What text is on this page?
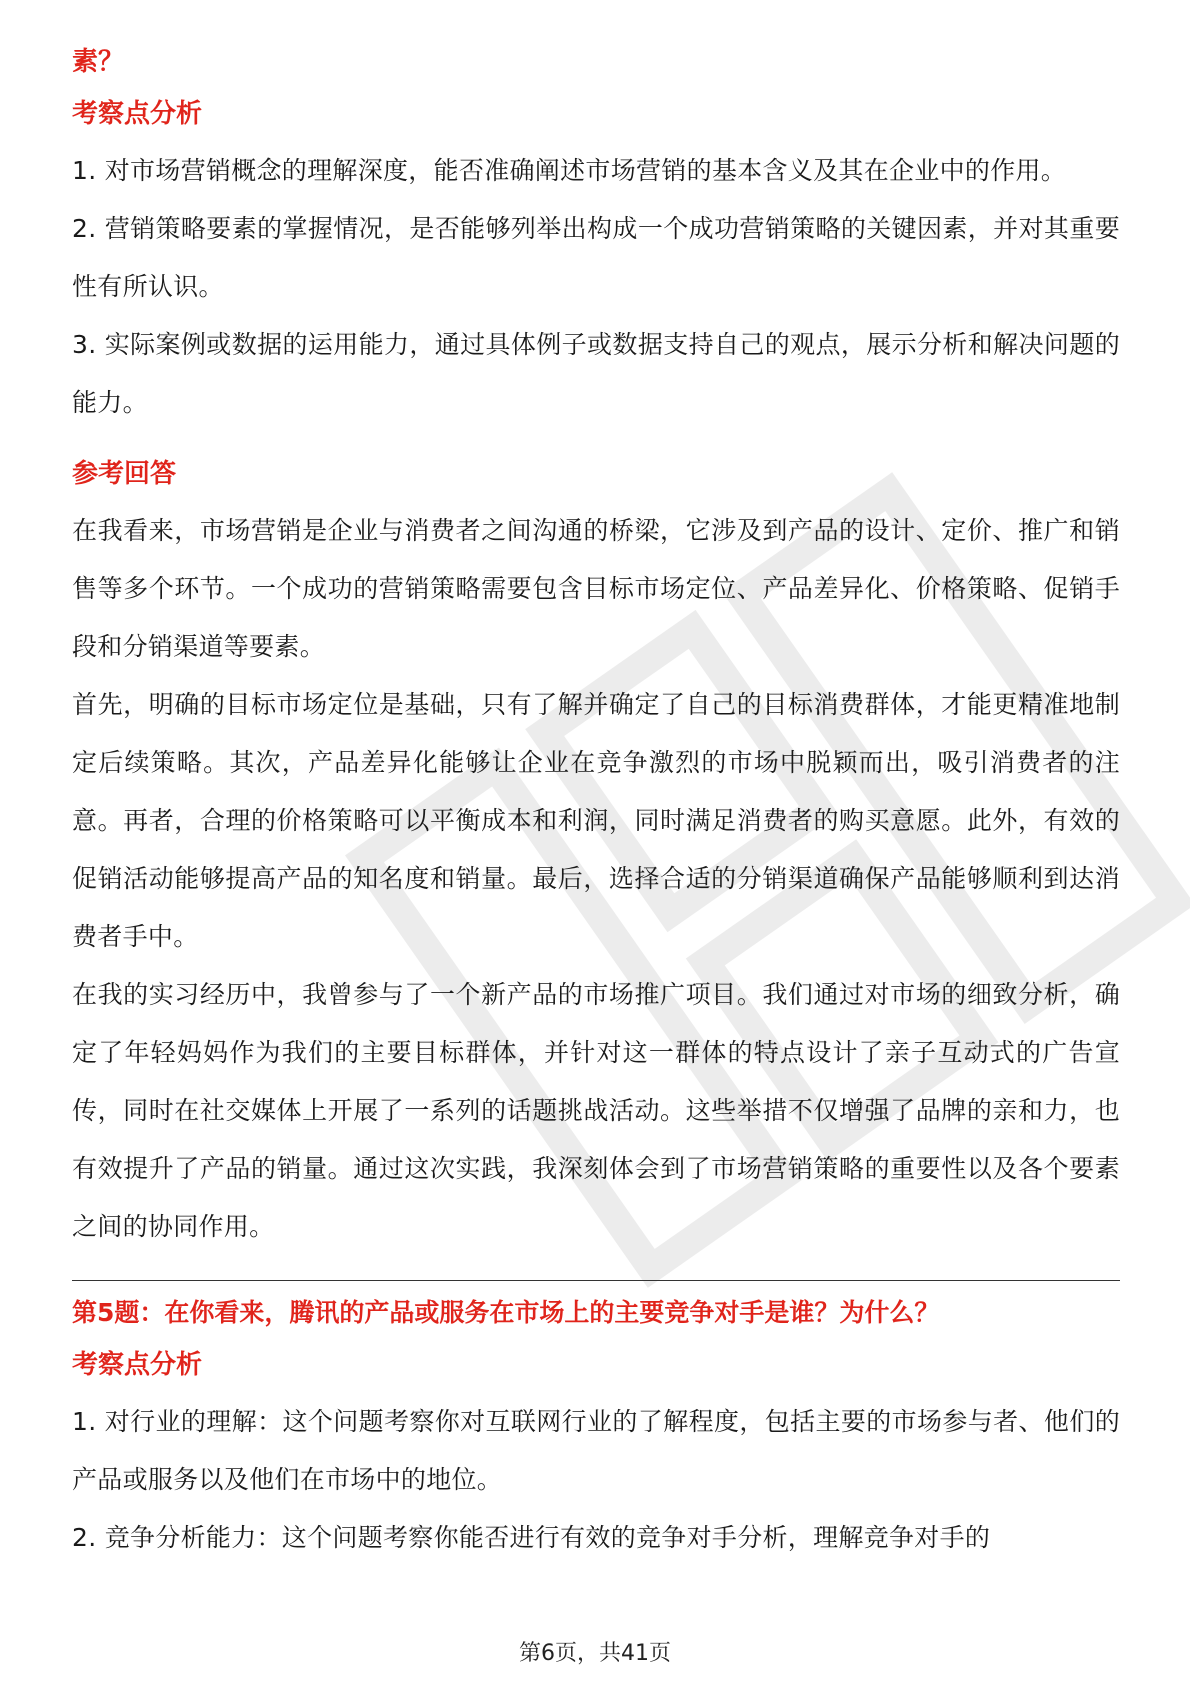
素？

考察点分析

1. 对市场营销概念的理解深度，能否准确阐述市场营销的基本含义及其在企业中的作用。

2. 营销策略要素的掌握情况，是否能够列举出构成一个成功营销策略的关键因素，并对其重要性有所认识。

3. 实际案例或数据的运用能力，通过具体例子或数据支持自己的观点，展示分析和解决问题的能力。

参考回答

在我看来，市场营销是企业与消费者之间沟通的桥梁，它涉及到产品的设计、定价、推广和销售等多个环节。一个成功的营销策略需要包含目标市场定位、产品差异化、价格策略、促销手段和分销渠道等要素。

首先，明确的目标市场定位是基础，只有了解并确定了自己的目标消费群体，才能更精准地制定后续策略。其次，产品差异化能够让企业在竞争激烈的市场中脱颖而出，吸引消费者的注意。再者，合理的价格策略可以平衡成本和利润，同时满足消费者的购买意愿。此外，有效的促销活动能够提高产品的知名度和销量。最后，选择合适的分销渠道确保产品能够顺利到达消费者手中。

在我的实习经历中，我曾参与了一个新产品的市场推广项目。我们通过对市场的细致分析，确定了年轻妈妈作为我们的主要目标群体，并针对这一群体的特点设计了亲子互动式的广告宣传，同时在社交媒体上开展了一系列的话题挑战活动。这些举措不仅增强了品牌的亲和力，也有效提升了产品的销量。通过这次实践，我深刻体会到了市场营销策略的重要性以及各个要素之间的协同作用。

第5题：在你看来，腾讯的产品或服务在市场上的主要竞争对手是谁？为什么？

考察点分析

1. 对行业的理解：这个问题考察你对互联网行业的了解程度，包括主要的市场参与者、他们的产品或服务以及他们在市场中的地位。

2. 竞争分析能力：这个问题考察你能否进行有效的竞争对手分析，理解竞争对手的

第6页，共41页
